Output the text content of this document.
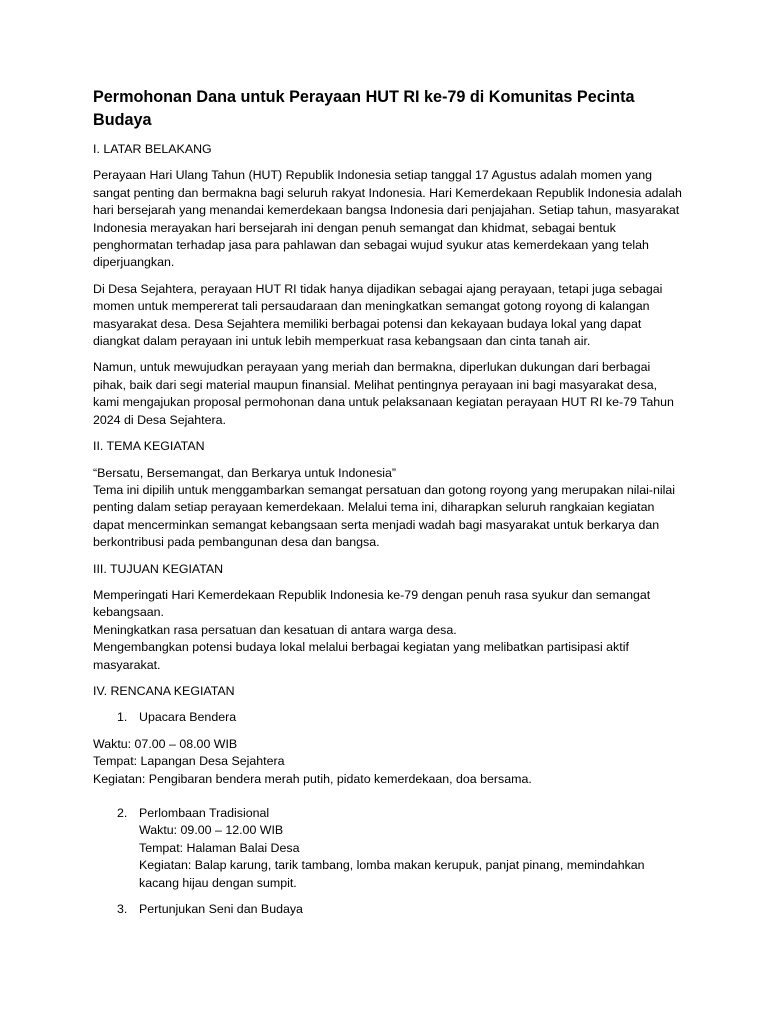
Permohonan Dana untuk Perayaan HUT RI ke-79 di Komunitas Pecinta Budaya
I. LATAR BELAKANG

Perayaan Hari Ulang Tahun (HUT) Republik Indonesia setiap tanggal 17 Agustus adalah momen yang sangat penting dan bermakna bagi seluruh rakyat Indonesia. Hari Kemerdekaan Republik Indonesia adalah hari bersejarah yang menandai kemerdekaan bangsa Indonesia dari penjajahan. Setiap tahun, masyarakat Indonesia merayakan hari bersejarah ini dengan penuh semangat dan khidmat, sebagai bentuk penghormatan terhadap jasa para pahlawan dan sebagai wujud syukur atas kemerdekaan yang telah diperjuangkan.

Di Desa Sejahtera, perayaan HUT RI tidak hanya dijadikan sebagai ajang perayaan, tetapi juga sebagai momen untuk mempererat tali persaudaraan dan meningkatkan semangat gotong royong di kalangan masyarakat desa. Desa Sejahtera memiliki berbagai potensi dan kekayaan budaya lokal yang dapat diangkat dalam perayaan ini untuk lebih memperkuat rasa kebangsaan dan cinta tanah air.

Namun, untuk mewujudkan perayaan yang meriah dan bermakna, diperlukan dukungan dari berbagai pihak, baik dari segi material maupun finansial. Melihat pentingnya perayaan ini bagi masyarakat desa, kami mengajukan proposal permohonan dana untuk pelaksanaan kegiatan perayaan HUT RI ke-79 Tahun 2024 di Desa Sejahtera.

II. TEMA KEGIATAN

“Bersatu, Bersemangat, dan Berkarya untuk Indonesia”
Tema ini dipilih untuk menggambarkan semangat persatuan dan gotong royong yang merupakan nilai-nilai penting dalam setiap perayaan kemerdekaan. Melalui tema ini, diharapkan seluruh rangkaian kegiatan dapat mencerminkan semangat kebangsaan serta menjadi wadah bagi masyarakat untuk berkarya dan berkontribusi pada pembangunan desa dan bangsa.

III. TUJUAN KEGIATAN

Memperingati Hari Kemerdekaan Republik Indonesia ke-79 dengan penuh rasa syukur dan semangat kebangsaan.
Meningkatkan rasa persatuan dan kesatuan di antara warga desa.
Mengembangkan potensi budaya lokal melalui berbagai kegiatan yang melibatkan partisipasi aktif masyarakat.

IV. RENCANA KEGIATAN
1. Upacara Bendera

Waktu: 07.00 – 08.00 WIB
Tempat: Lapangan Desa Sejahtera
Kegiatan: Pengibaran bendera merah putih, pidato kemerdekaan, doa bersama.

2. Perlombaan Tradisional
Waktu: 09.00 – 12.00 WIB
Tempat: Halaman Balai Desa
Kegiatan: Balap karung, tarik tambang, lomba makan kerupuk, panjat pinang, memindahkan kacang hijau dengan sumpit.
3. Pertunjukan Seni dan Budaya
